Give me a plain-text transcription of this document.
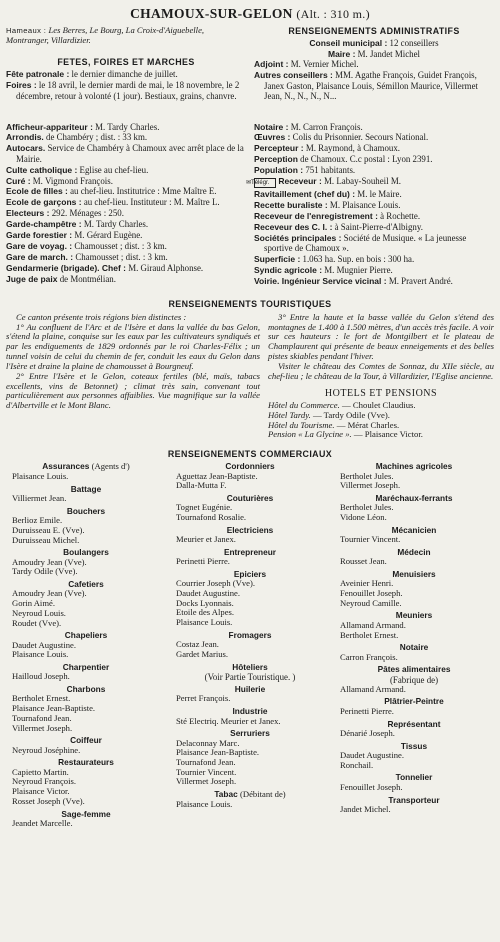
CHAMOUX-SUR-GELON (Alt. : 310 m.)
Hameaux : Les Berres, Le Bourg, La Croix-d'Aiguebelle, Montranger, Villardizier.
FETES, FOIRES ET MARCHES
Fête patronale : le dernier dimanche de juillet.
Foires : le 18 avril, le dernier mardi de mai, le 18 novembre, le 2 décembre, retour à volonté (1 jour). Bestiaux, grains, chanvre.
RENSEIGNEMENTS ADMINISTRATIFS
Conseil municipal : 12 conseillers
Maire : M. Jandet Michel
Adjoint : M. Vernier Michel.
Autres conseillers : MM. Agathe François, Guidet François, Janex Gaston, Plaisance Louis, Sémillon Maurice, Villermet Jean, N., N., N., N...
Afficheur-appariteur : M. Tardy Charles.
Arrondis. de Chambéry ; dist. : 33 km.
Autocars. Service de Chambéry à Chamoux avec arrêt place de la Mairie.
Culte catholique : Eglise au chef-lieu.
Curé : M. Vigmond François.
Ecole de filles : au chef-lieu. Institutrice : Mme Maître E.
Ecole de garçons : au chef-lieu. Instituteur : M. Maître L.
Electeurs : 292. Ménages : 250.
Garde-champêtre : M. Tardy Charles.
Garde forestier : M. Gérard Eugène.
Gare de voyag. : Chamousset ; dist. : 3 km.
Gare de march. : Chamousset ; dist. : 3 km.
Gendarmerie (brigade). Chef : M. Giraud Alphonse.
Juge de paix de Montmélian.
Notaire : M. Carron François.
Œuvres : Colis du Prisonnier. Secours National.
Percepteur : M. Raymond, à Chamoux.
Perception de Chamoux. C.c postal : Lyon 2391.
Population : 751 habitants.
✉Télégr. Receveur : M. Labay-Souheil M.
Ravitaillement (chef du) : M. le Maire.
Recette buraliste : M. Plaisance Louis.
Receveur de l'enregistrement : à Rochette.
Receveur des C. I. : à Saint-Pierre-d'Albigny.
Sociétés principales : Société de Musique. « La jeunesse sportive de Chamoux ».
Superficie : 1.063 ha. Sup. en bois : 300 ha.
Syndic agricole : M. Mugnier Pierre.
Voirie. Ingénieur Service vicinal : M. Pravert André.
RENSEIGNEMENTS TOURISTIQUES

Ce canton présente trois régions bien distinctes :

1° Au confluent de l'Arc et de l'Isère et dans la vallée du bas Gelon, s'étend la plaine, conquise sur les eaux par les cultivateurs syndiqués et par les endiguements de 1829 ordonnés par le roi Charles-Félix ; un tunnel voisin de celui du chemin de fer, conduit les eaux du Gelon dans l'Isère et draine la plaine de chamousset à Bourgneuf.

2° Entre l'Isère et le Gelon, coteaux fertiles (blé, maïs, tabacs excellents, vins de Betonnet) ; climat très sain, convenant tout particulièrement aux personnes affaiblies. Vue magnifique sur la vallée d'Albertville et le Mont Blanc.

3° Entre la haute et la basse vallée du Gelon s'étend des montagnes de 1.400 à 1.500 mètres, d'un accès très facile. A voir sur ces hauteurs : le fort de Montgilbert et le plateau de Champlaurent qui présente de beaux enneigements et des belles pistes skiables pendant l'hiver.

Visiter le château des Comtes de Sonnaz, du XIIe siècle, au chef-lieu ; le château de la Tour, à Villardizier, l'Eglise ancienne.

HOTELS ET PENSIONS
Hôtel du Commerce. — Choulet Claudius.
Hôtel Tardy. — Tardy Odile (Vve).
Hôtel du Tourisme. — Mérat Charles.
Pension « La Glycine ». — Plaisance Victor.
RENSEIGNEMENTS COMMERCIAUX
Assurances (Agents d')
Plaisance Louis.
Battage
Villiermet Jean.
Bouchers
Berlioz Emile.
Duruisseau E. (Vve).
Duruisseau Michel.
Boulangers
Amoudry Jean (Vve).
Tardy Odile (Vve).
Cafetiers
Amoudry Jean (Vve).
Gorin Aimé.
Neyroud Louis.
Roudet (Vve).
Chapeliers
Daudet Augustine.
Plaisance Louis.
Charpentier
Hailloud Joseph.
Charbons
Bertholet Ernest.
Plaisance Jean-Baptiste.
Tournafond Jean.
Villermet Joseph.
Coiffeur
Neyroud Joséphine.
Restaurateurs
Capietto Martin.
Neyroud François.
Plaisance Victor.
Rosset Joseph (Vve).
Sage-femme
Jeandet Marcelle.
Cordonniers
Aguettaz Jean-Baptiste.
Dalla-Mutta F.
Couturières
Tognet Eugénie.
Tournafond Rosalie.
Electriciens
Meurier et Janex.
Entrepreneur
Perinetti Pierre.
Epiciers
Courrier Joseph (Vve).
Daudet Augustine.
Docks Lyonnais.
Etoile des Alpes.
Plaisance Louis.
Fromagers
Costaz Jean.
Gardet Marius.
Hôteliers
(Voir Partie Touristique. )
Huilerie
Perret François.
Industrie
Sté Electriq. Meurier et Janex.
Serruriers
Delaconnay Marc.
Plaisance Jean-Baptiste.
Tournafond Jean.
Tournier Vincent.
Villermet Joseph.
Tabac (Débitant de)
Plaisance Louis.
Machines agricoles
Bertholet Jules.
Villermet Joseph.
Maréchaux-ferrants
Bertholet Jules.
Vidone Léon.
Mécanicien
Tournier Vincent.
Médecin
Rousset Jean.
Menuisiers
Aveinier Henri.
Fenouillet Joseph.
Neyroud Camille.
Meuniers
Allamand Armand.
Bertholet Ernest.
Notaire
Carron François.
Pâtes alimentaires
(Fabrique de)
Allamand Armand.
Plâtrier-Peintre
Perinetti Pierre.
Représentant
Dénarié Joseph.
Tissus
Daudet Augustine.
Ronchail.
Tonnelier
Fenouillet Joseph.
Transporteur
Jandet Michel.
